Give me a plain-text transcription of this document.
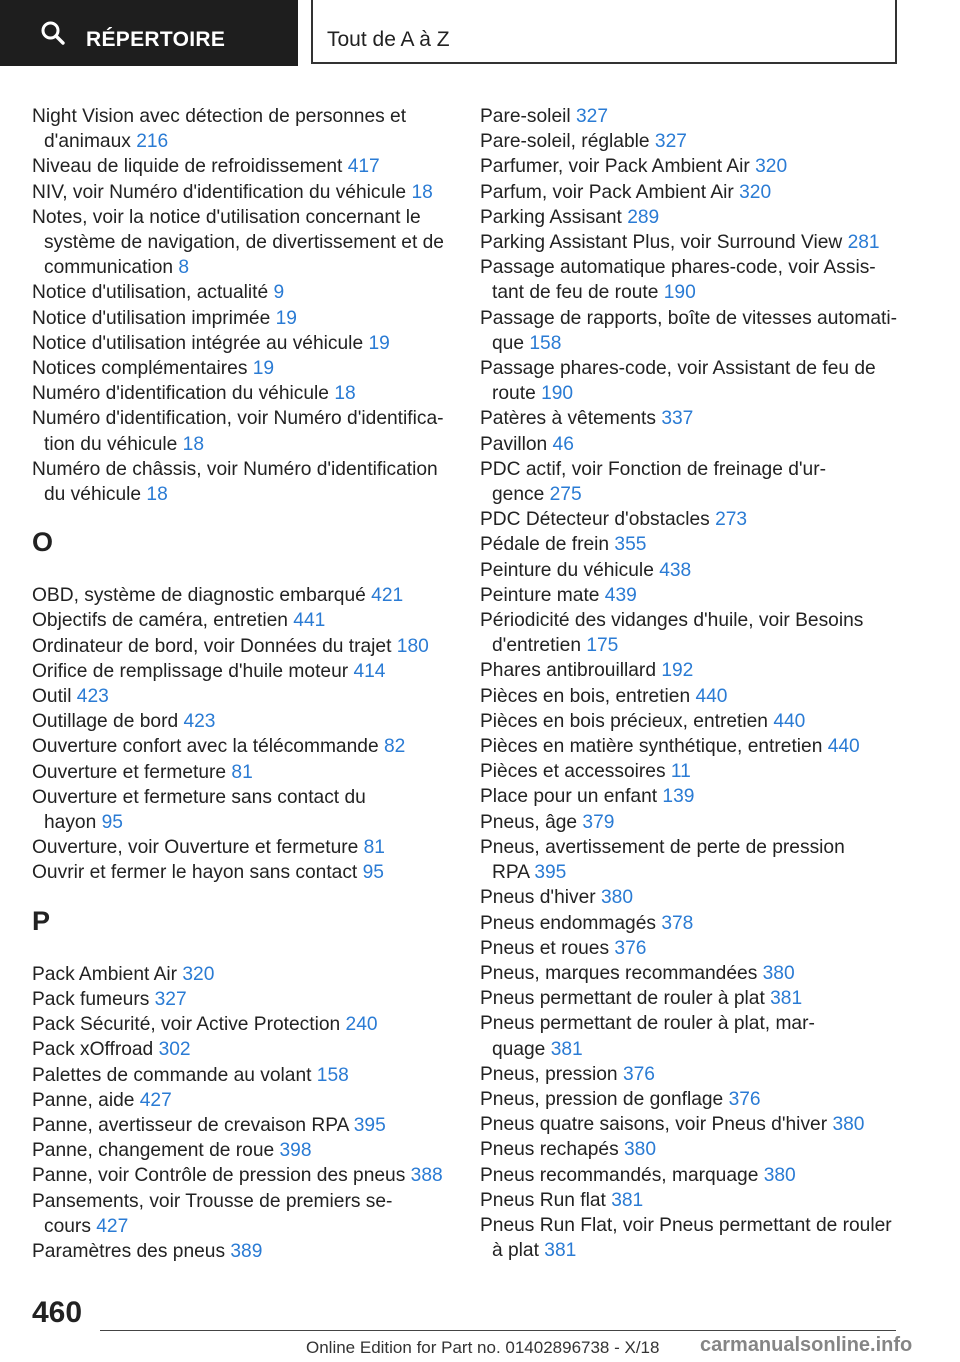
RÉPERTOIRE	Tout de A à Z
Night Vision avec détection de personnes et
d'animaux 216
Niveau de liquide de refroidissement 417
NIV, voir Numéro d'identification du véhicule 18
Notes, voir la notice d'utilisation concernant le
système de navigation, de divertissement et de
communication 8
Notice d'utilisation, actualité 9
Notice d'utilisation imprimée 19
Notice d'utilisation intégrée au véhicule 19
Notices complémentaires 19
Numéro d'identification du véhicule 18
Numéro d'identification, voir Numéro d'identifica‐
tion du véhicule 18
Numéro de châssis, voir Numéro d'identification
du véhicule 18
O
OBD, système de diagnostic embarqué 421
Objectifs de caméra, entretien 441
Ordinateur de bord, voir Données du trajet 180
Orifice de remplissage d'huile moteur 414
Outil 423
Outillage de bord 423
Ouverture confort avec la télécommande 82
Ouverture et fermeture 81
Ouverture et fermeture sans contact du
hayon 95
Ouverture, voir Ouverture et fermeture 81
Ouvrir et fermer le hayon sans contact 95
P
Pack Ambient Air 320
Pack fumeurs 327
Pack Sécurité, voir Active Protection 240
Pack xOffroad 302
Palettes de commande au volant 158
Panne, aide 427
Panne, avertisseur de crevaison RPA 395
Panne, changement de roue 398
Panne, voir Contrôle de pression des pneus 388
Pansements, voir Trousse de premiers se‐
cours 427
Paramètres des pneus 389
Pare-soleil 327
Pare-soleil, réglable 327
Parfumer, voir Pack Ambient Air 320
Parfum, voir Pack Ambient Air 320
Parking Assisant 289
Parking Assistant Plus, voir Surround View 281
Passage automatique phares-code, voir Assis‐
tant de feu de route 190
Passage de rapports, boîte de vitesses automati‐
que 158
Passage phares-code, voir Assistant de feu de
route 190
Patères à vêtements 337
Pavillon 46
PDC actif, voir Fonction de freinage d'ur‐
gence 275
PDC Détecteur d'obstacles 273
Pédale de frein 355
Peinture du véhicule 438
Peinture mate 439
Périodicité des vidanges d'huile, voir Besoins
d'entretien 175
Phares antibrouillard 192
Pièces en bois, entretien 440
Pièces en bois précieux, entretien 440
Pièces en matière synthétique, entretien 440
Pièces et accessoires 11
Place pour un enfant 139
Pneus, âge 379
Pneus, avertissement de perte de pression
RPA 395
Pneus d'hiver 380
Pneus endommagés 378
Pneus et roues 376
Pneus, marques recommandées 380
Pneus permettant de rouler à plat 381
Pneus permettant de rouler à plat, mar‐
quage 381
Pneus, pression 376
Pneus, pression de gonflage 376
Pneus quatre saisons, voir Pneus d'hiver 380
Pneus rechapés 380
Pneus recommandés, marquage 380
Pneus Run flat 381
Pneus Run Flat, voir Pneus permettant de rouler
à plat 381
460
Online Edition for Part no. 01402896738 - X/18 carmanualsonline.info
